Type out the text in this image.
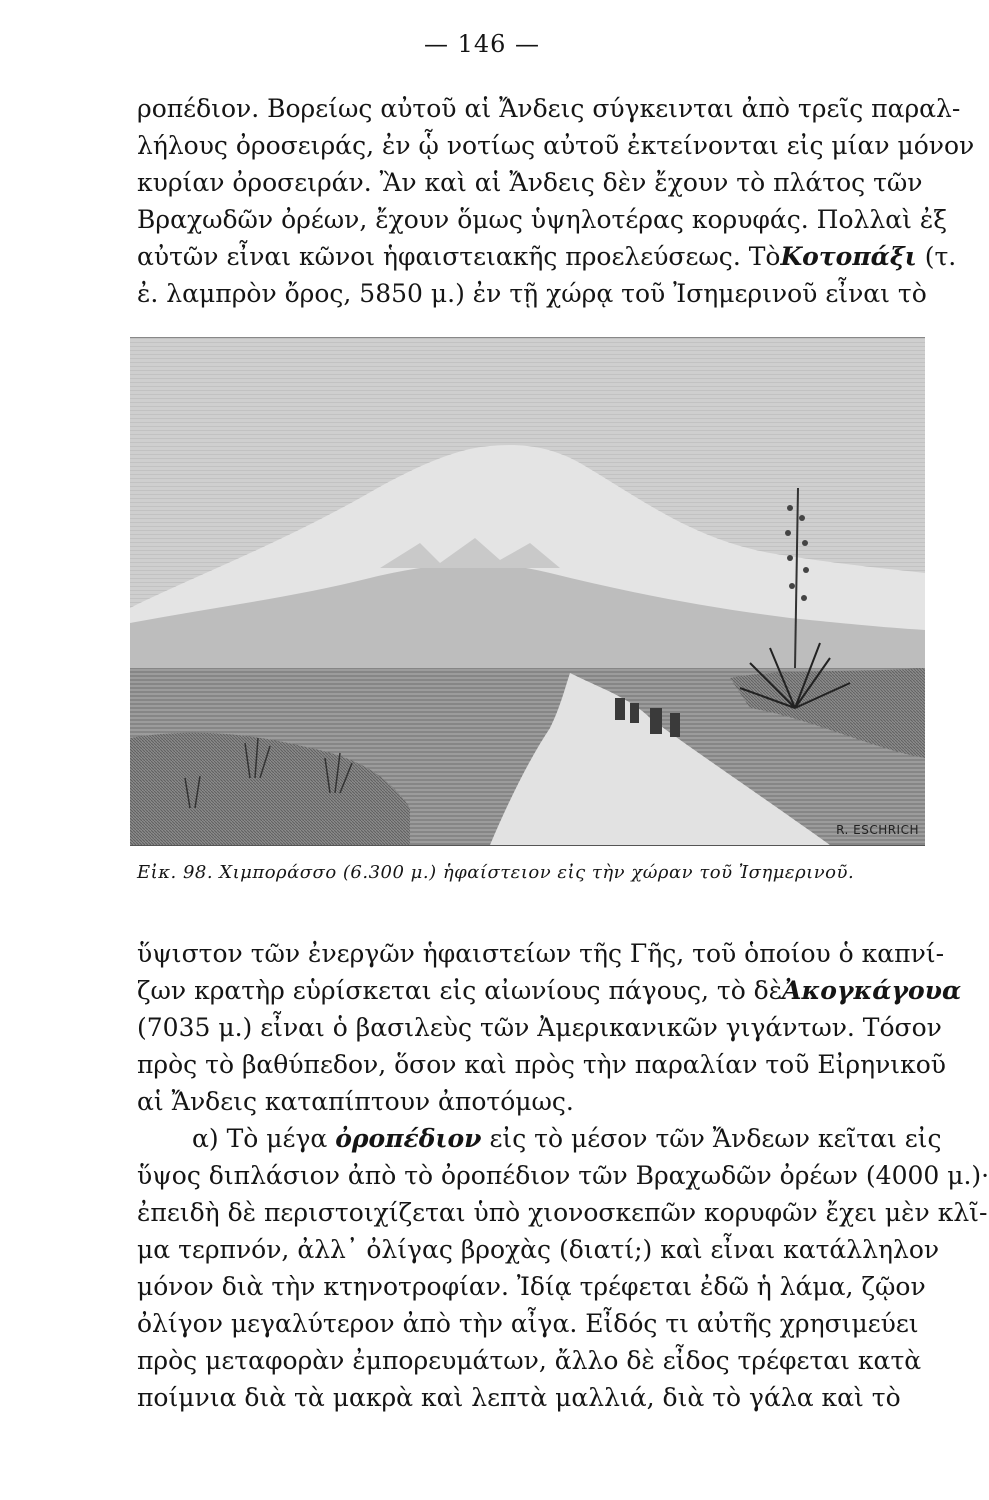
— 146 —
ροπέδιον. Βορείως αὐτοῦ αἱ Ἄνδεις σύγκεινται ἀπὸ τρεῖς παραλ-
λήλους ὀροσειράς, ἐν ᾧ νοτίως αὐτοῦ ἐκτείνονται εἰς μίαν μόνον
κυρίαν ὀροσειράν. Ἂν καὶ αἱ Ἄνδεις δὲν ἔχουν τὸ πλάτος τῶν
Βραχωδῶν ὀρέων, ἔχουν ὅμως ὑψηλοτέρας κορυφάς. Πολλαὶ ἐξ
αὐτῶν εἶναι κῶνοι ἡφαιστειακῆς προελεύσεως. Τὸ Κοτοπάξι (τ.
ἐ. λαμπρὸν ὄρος, 5850 μ.) ἐν τῇ χώρᾳ τοῦ Ἰσημερινοῦ εἶναι τὸ
R. ESCHRICH
Εἰκ. 98. Χιμποράσσο (6.300 μ.) ἡφαίστειον εἰς τὴν χώραν τοῦ Ἰσημερινοῦ.
ὕψιστον τῶν ἐνεργῶν ἡφαιστείων τῆς Γῆς, τοῦ ὁποίου ὁ καπνί-
ζων κρατὴρ εὑρίσκεται εἰς αἰωνίους πάγους, τὸ δὲ Ἀκογκάγουα
(7035 μ.) εἶναι ὁ βασιλεὺς τῶν Ἀμερικανικῶν γιγάντων. Τόσον
πρὸς τὸ βαθύπεδον, ὅσον καὶ πρὸς τὴν παραλίαν τοῦ Εἰρηνικοῦ
αἱ Ἄνδεις καταπίπτουν ἀποτόμως.
α) Τὸ μέγα
ὀροπέδιον εἰς τὸ μέσον τῶν Ἄνδεων κεῖται εἰς
ὕψος διπλάσιον ἀπὸ τὸ ὀροπέδιον τῶν Βραχωδῶν ὀρέων (4000 μ.)·
ἐπειδὴ δὲ περιστοιχίζεται ὑπὸ χιονοσκεπῶν κορυφῶν ἔχει μὲν κλῖ-
μα τερπνόν, ἀλλ᾽ ὀλίγας βροχὰς (διατί;) καὶ εἶναι κατάλληλον
μόνον διὰ τὴν κτηνοτροφίαν. Ἰδίᾳ τρέφεται ἐδῶ ἡ λάμα, ζῷον
ὀλίγον μεγαλύτερον ἀπὸ τὴν αἶγα. Εἶδός τι αὐτῆς χρησιμεύει
πρὸς μεταφορὰν ἐμπορευμάτων, ἄλλο δὲ εἶδος τρέφεται κατὰ
ποίμνια διὰ τὰ μακρὰ καὶ λεπτὰ μαλλιά, διὰ τὸ γάλα καὶ τὸ
